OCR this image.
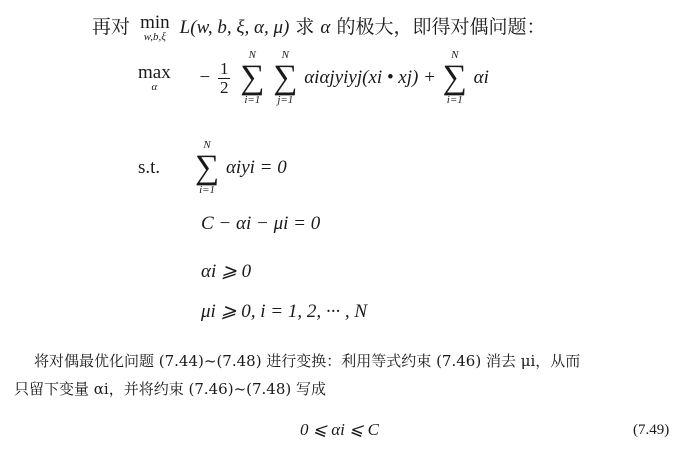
再对 min
w,b,ξ L(w, b, ξ, α, μ) 求 α 的极大，即得对偶问题：
max
α	− $\frac{1}{2}$

N
∑
i=1

N
∑
j=1
αiαjyiyj(xi • xj) +
N
∑
i=1
αi
s.t.
N
∑
i=1
αiyi = 0
C − αi − μi = 0
αi ⩾ 0
μi ⩾ 0, i = 1, 2, ··· , N
将对偶最优化问题 (7.44)~(7.48) 进行变换：利用等式约束 (7.46) 消去 μi，从而
只留下变量 αi，并将约束 (7.46)~(7.48) 写成
0 ⩽ αi ⩽ C	(7.49)
